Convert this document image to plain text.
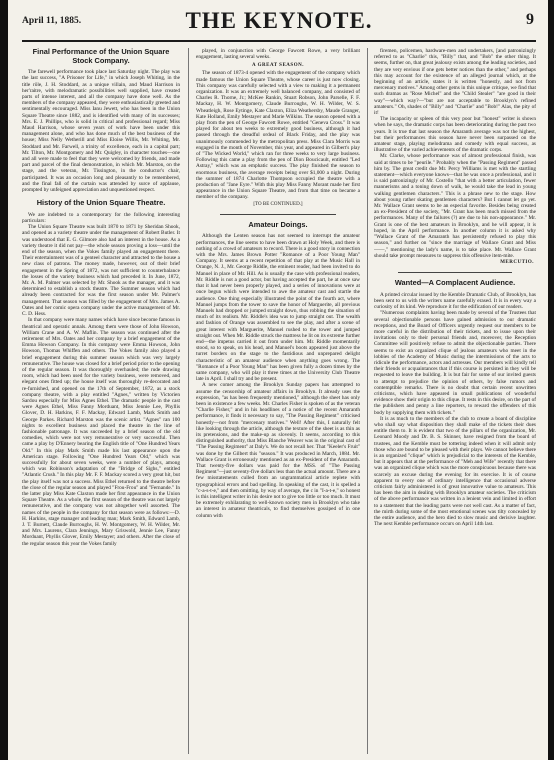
April 11, 1885.	THE KEYNOTE.	9
Final Performance of the Union Square Stock Company.

The farewell performance took place last Saturday night. The play was the last success, "A Prisoner for Life," in which Joseph Whiting, in the title rôle, J. H. Stoddard, as a unique villain, and Maud Harrison in her'raitre, with melodramatic possibilities well supplied, have created parts of intense interest, and all the company have done well. As the members of the company appeared, they were enthusiastically greeted and sentimentally encouraged. Miss Ianu Jewett, who has been in the Union Square Theatre since 1882, and is identified with many of its successes; Mrs. E. J. Phillips, who is solid in critical and professional regard; Miss Maud Harrison, whose seven years of work have been under this management alone, and who has done much of the best business of the house; Miss Nelly Wetherill and Miss Eloise Willis, Mr. Whiting, Mr. Stoddard and Mr. Farwell, a trinity of excellence, each in a capital part; Mr. Tilton, Mr. Montgomery and Mr. Quigley, in character touches—one and all were made to feel that they were welcomed by friends, and made part and parcel of the final demonstration, in which Mr. Marston, on the stage, and the veteran, Mr. Tissington, in the conductor's chair, participated. It was an occasion long and pleasantly to be remembered, and the final fall of the curtain was attended by surce of applause, prompted by unfeigned appreciation and unquestioned respect.

History of the Union Square Theatre.

We are indebted to a contemporary for the following interesting particulars:

The Union Square Theatre was built 1870 to 1871 by Sheridan Shook, and opened as a variety theatre under the management of Robert Butler. It was understood that E. G. Gilmore also had an interest in the house. As a variety theatre it did not pay—the whole season proving a loss—until the end of the season, when the Vokes family played an engagement there. Their entertainment was of a genteel character and attracted to the house a new class of patrons. The money made, however, out of their brief engagement in the Spring of 1872, was not sufficient to counterbalance the losses of the variety business which had preceded it. In June, 1872, Mr. A. M. Palmer was selected by Mr. Shook as the manager, and it was determined to establish a stock theatre. The Summer season which had already been contracted for was the first season under Mr. Palmer's management. That season was filled by the engagement of Mrs. James A. Oates and her comic opera company under the active management of Mr. C. D. Hess.

In that company were many names which have since become famous in theatrical and operatic annals. Among them were those of John Howson, William Crane and A. W. Maflin. The season was continued after the retirement of Mrs. Oates and her company by a brief engagement of the Emma Howson Company. In this company were Emma Howson, John Howson, Thomas Whiffen and others. The Vokes family also played a brief engagement during this summer season which was very largely remunerative. The house was closed for a brief period prior to the opening of the regular season. It was thoroughly overhauled; the rude drawing room, which had been used for the variety business, were removed, and elegant ones fitted up; the house itself was thoroughly re-decorated and re-furnished, and opened on the 17th of September, 1872, as a stock company theatre, with a play entitled "Agnes," written by Victorien Sardou especially for Miss Agnes Ethel. The dramatic people in the cast were Agnes Ethel, Miss Fanny Morduant, Miss Jennie Lee, Phyllis Glover, D. H. Harkins, F. F. Mackay, Edward Lamb, Mark Smith and George Parkes. Richard Marston was the scenic artist. "Agnes" ran 100 nights to excellent business and placed the theatre in the line of fashionable patronage. It was succeeded by a brief season of the old comedies, which were not very remunerative or very successful. Then came a play by D'Ennery bearing the English title of "One Hundred Years Old." In this play Mark Smith made his last appearance upon the American stage. Following "One Hundred Years Old," which was successfully for about seven weeks, were a number of plays, among which was Robinson's adaptation of the "Bridge of Sighs," entitled "Atlantic Crush." In this play Mr. F. F. Mackay scored a very great hit, but the play itself was not a success. Miss Ethel returned to the theatre before the close of the regular season and played "Frou-Frou" and "Fernande." In the latter play Miss Kate Claxton made her first appearance in the Union Square Theatre. As a whole, the first season of the theatre was not largely remunerative, and the company was not altogether well assorted. The names of the people in the company for that season were as follows:—D. H. Harkins, stage manager and leading man; Mark Smith, Edward Lamb, J. T. Burnett, Claude Burroughs, H. W. Montgomery, W. H. Wilder, Mr. and Mrs. Laurens, Clara Jennings, Mary Griswold, Jennie Lee, Fanny Morduant, Phyllis Glover, Emily Mestayer; and others. After the close of the regular season this year the Vokes family

played, in conjunction with George Fawcett Rowe, a very brilliant engagement, lasting several weeks.

A GREAT SEASON.

The season of 1873-4 opened with the engagement of the company which made famous the Union Square Theatre, whose career is just now closing. This company was carefully selected with a view to making it a permanent organization. It was an extremely well balanced company, and consisted of Charles R. Thorne, Jr.; McKee Rankin, Stuart Robson, John Parselle, F. F. Mackay, H. W. Montgomery, Claude Burroughs, W. H. Wilder, W. S. Wheatleigh, Rose Eytinge, Kate Claxton, Eliza Weathersby, Maude Granger, Kate Holland, Emily Mestayer and Marie Wilkins. The season opened with a play from the pen of George Fawcett Rowe, entitled "Geneva Cross." It was played for about ten weeks to extremely good business, although it had passed through the dreadful ordeal of Black Friday, and the play was unanimously commended by the metropolitan press. Miss Clara Morris was engaged in the month of November, this year, and appeared in Gilbert's play of "The Wicked World," which ran for three weeks to very large business. Following this came a play from the pen of Dion Boucicault, entitled "Led Astray," which was an emphatic success. The play finished the season to enormous business, the average receipts being over $1,000 a night. During the summer of 1874 Charlotte Thompson occupied the theatre with a production of "Jane Eyre." With this play Miss Fanny Morant made her first appearance in the Union Square Theatre, and from that time on became a member of the company.

[TO BE CONTINUED.]
Amateur Doings.

Although the Lenten season has not seemed to interrupt the amateur performances, the line seems to have been drawn at Holy Week, and there is nothing of a crowd of amateurs to record. There is a good story in connection with the Mrs. James Brown Potter "Romance of a Poor Young Man" Company. It seems at a recent repetition of that play at the Music Hall in Orange, N. J., Mr. George Riddle, the eminent reader, had been invited to do Manuel in place of Mr. Hill. As is usually the case with professional readers, Mr. Riddle is not a good actor, but having accepted the part, he at once saw that it had never been properly played, and a series of innovations were at once begun which were intended to awe the amateur cast and startle the audience. One thing especially illustrated the point of the fourth act, where Manuel jumps from the tower to save the honor of Marguerite, all previous Manuels had dropped or jumped straight down, thus robbing the situation of much of its realism. Mr. Riddle's idea was to jump straight out. The wealth and fashion of Orange was assembled to see the play, and after a scene of great interest with Marguerite, Manuel rushed to the tower and jumped straight out. When Mr. Riddle struck the mattress he lit on its extreme further end—the impetus carried it out from under him. Mr. Riddle momentarily stood, so to speak, on his head, and Manuel's boots appeared just above the turret borders on the stage to the fastidious and unprepared delight characteristic of an amateur audience when anything goes wrong. The "Romance of a Poor Young Man" has been given fully a dozen times by the same company, who will play it three times at the University Club Theatre late in April. I shall try and be present.

A new comer among the Brooklyn Sunday papers has attempted to assume the censorship of amateur affairs in Brooklyn. It already uses the expression, "as has been frequently mentioned," although the sheet has only been in existence a few weeks. Mr. Charles Fisher is spoken of as the veteran "Charlie Fisher," and in his headlines of a notice of the recent Amaranth performance, it finds it necessary to say, "The Passing Regiment" criticised honestly—not from "mercenary motives." Well! After this, I naturally felt like looking through the article, although the texture of the sheet is as thin as its pretensions, and the make-up as slovenly. It seems, according to this distinguished authority, that Miss Blanche Weaver was in the original cast of "The Passing Regiment" at Daly's. We do not recall her. That "Keeler's Fruit" was done by the Gilbert this "season." It was produced in March, 1884. Mr. Wallace Grant is erroneously mentioned as an ex-President of the Amaranth. That twenty-five dollars was paid for the MSS. of "The Passing Regiment"—just seventy-five dollars less than the actual amount. There are a few misstatements culled from an ungrammatical article replete with typographical errors and bad spelling. In speaking of the cast, it is spelled a "c-a-s-t-e," and then omitting, by way of average, the c in "I-a-t-e," so honest is this intelligent writer in his desire not to give too little or too much. It must be extremely exhilarating to well-known society men in Brooklyn who take an interest in amateur theatricals, to find themselves gossiped of in one column with

firemen, policemen, hardware-men and undertakers, [and patronizingly referred to as "Charlie" this, "Billy" that, and "Bob" the other thing. It seems, further on, that great jealousy exists among the leading societies, and they are very envious if one gets better notices than the other," and perhaps this may account for the existence of an alleged journal which, at the beginning of an article, states it is written "honestly, and not from mercenary motives." Among other gems in this unique critique, we find that such dramas as "Rose Michel" and the "Child Stealer" "are good in their way"—which way?—"but are not acceptable to Brooklyn's refined amateurs." Oh, shades of "Billy" and "Charlie" and "Bob!" Alas, the pity of it!

The incapacity or spleen of this very poor but "honest" writer is shown when he says, the dramatic corps has been deteriorating during the past two years. It is true that last season the Amaranth average was not the highest, but their performances this season have never been surpassed on the amateur stage, playing melodrama and comedy with equal success, as illustrative of the varied achievements of the dramatic corps.

Mr. Clarke, whose performance was of almost professional finish, was said at times to be "peurile." Probably when the "Passing Regiment" passed him by. The great credit due Mr. Percy Williams is met with the startling statement—which everyone knows—that he was once a professional, and it is said patronizingly of Mr. Costello "that with a better articulation, fewer mannerisms and a toning down of walk, he would take the lead in young walking gentlemen characters." This is a phrase new to the stage. How about young rather skating gentlemen characters? But I cannot let go yet. Mr. Wallace Grant seems to be an especial favorite. Besides being created an ex-President of the society, "Mr. Grant has been much missed from the performances. Many of the failures (?) are due to his non-appearance." Mr. Grant is one of the best amateurs in Brooklyn, and he will appear, it is hoped, in the April performance. In another column it is asked why "Wallace Grant of the Amaranth has persistently refused to play this season," and further on "since the marriage of Wallace Grant and Miss ——," mentioning the lady's name, is to take place. Mr. Wallace Grant should take prompt measures to suppress this offensive item-mite.

MERCUTIO.
Wanted—A Complacent Audience.

A printed circular issued by the Kemble Dramatic Club, of Brooklyn, has been sent to us with the writers name carefully erased. It is in every way a curiosity of its kind. We reproduce it for the edification of our readers.

"Numerous complaints having been made by several of the Trustees that several objectionable persons have gained admission to our dramatic receptions, and the Board of Officers urgently request our members to be more careful in the distribution of their tickets, and to issue upon their invitations only to their personal friends and, moreover, the Reception Committee will positively refuse to admit the objectionable parties. There seems to exist an organized clique of jealous amateurs who meet in the lobbies of the Academy of Music during the intermissions of the acts to ridicule the performance, actors and actresses. Our members will kindly tell their friends or acquaintances that if this course is persisted in they will be requested to leave the building. It is but fair for some of our invited guests to attempt to prejudice the opinion of others, by false rumors and contemptible remarks. There is no doubt that certain recent unwritten criticisms, which have appeared in small publications of wonderful evidence show their origin to this clique. It rests in this desire, on the part of the publishers and penny a line reporters, to reward the offenders of this body by supplying them with tickets."

It is as much to the members of the club to create a board of discipline who shall say what disposition they shall make of the tickets their dues entitle them to. It is evident that two of the pillars of the organization, Mr. Leonard Moody and Dr. B. S. Skinner, have resigned from the board of trustees, and the Kemble must be tottering indeed when it will admit only those who are bound to be pleased with their plays. We cannot believe there is an organized "clique" which is prejudicial to the interests of the Kemble, but it appears that at the performance of "Meh and Wife" recently that there was an organized clique which was the more conspicuous because there was scarcely an excuse during the evening for its exercise. It is of course apparent to every one of ordinary intelligence that occasional adverse criticism fairly administered is of great innovative value to amateurs. This has been the aim in dealing with Brooklyn amateur societies. The criticism of the above performance was written in a lenient vein and limited in effort to a statement that the leading parts were not well cast. As a matter of fact, the mirth during some of the most emotional scenes was tilty concealed by the entire audience, and the hero died to slow music and derisive laughter. The next Kemble performance occurs on April 14th last.
